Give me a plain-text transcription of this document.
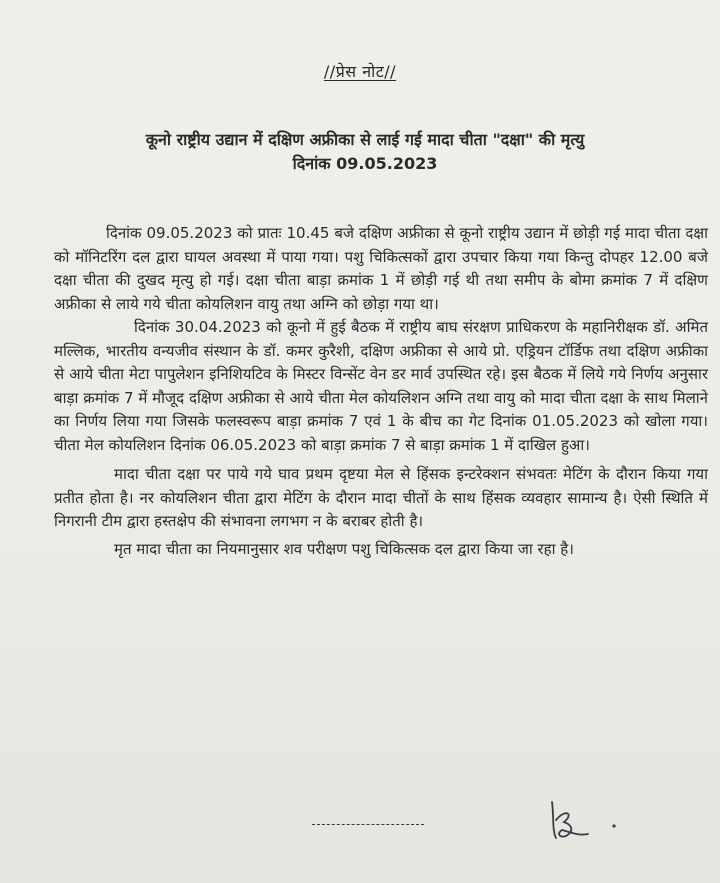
//प्रेस नोट//
कूनो राष्ट्रीय उद्यान में दक्षिण अफ्रीका से लाई गई मादा चीता "दक्षा" की मृत्यु
दिनांक 09.05.2023

दिनांक 09.05.2023 को प्रातः 10.45 बजे दक्षिण अफ्रीका से कूनो राष्ट्रीय उद्यान में छोड़ी गई मादा चीता दक्षा को मॉनिटरिंग दल द्वारा घायल अवस्था में पाया गया। पशु चिकित्सकों द्वारा उपचार किया गया किन्तु दोपहर 12.00 बजे दक्षा चीता की दुखद मृत्यु हो गई। दक्षा चीता बाड़ा क्रमांक 1 में छोड़ी गई थी तथा समीप के बोमा क्रमांक 7 में दक्षिण अफ्रीका से लाये गये चीता कोयलिशन वायु तथा अग्नि को छोड़ा गया था।

दिनांक 30.04.2023 को कूनो में हुई बैठक में राष्ट्रीय बाघ संरक्षण प्राधिकरण के महानिरीक्षक डॉ. अमित मल्लिक, भारतीय वन्यजीव संस्थान के डॉ. कमर कुरैशी, दक्षिण अफ्रीका से आये प्रो. एड्रियन टॉर्डिफ तथा दक्षिण अफ्रीका से आये चीता मेटा पापुलेशन इनिशियटिव के मिस्टर विन्सेंट वेन डर मार्व उपस्थित रहे। इस बैठक में लिये गये निर्णय अनुसार बाड़ा क्रमांक 7 में मौजूद दक्षिण अफ्रीका से आये चीता मेल कोयलिशन अग्नि तथा वायु को मादा चीता दक्षा के साथ मिलाने का निर्णय लिया गया जिसके फलस्वरूप बाड़ा क्रमांक 7 एवं 1 के बीच का गेट दिनांक 01.05.2023 को खोला गया। चीता मेल कोयलिशन दिनांक 06.05.2023 को बाड़ा क्रमांक 7 से बाड़ा क्रमांक 1 में दाखिल हुआ।

मादा चीता दक्षा पर पाये गये घाव प्रथम दृष्टया मेल से हिंसक इन्टरेक्शन संभवतः मेटिंग के दौरान किया गया प्रतीत होता है। नर कोयलिशन चीता द्वारा मेटिंग के दौरान मादा चीतों के साथ हिंसक व्यवहार सामान्य है। ऐसी स्थिति में निगरानी टीम द्वारा हस्तक्षेप की संभावना लगभग न के बराबर होती है।

मृत मादा चीता का नियमानुसार शव परीक्षण पशु चिकित्सक दल द्वारा किया जा रहा है।
